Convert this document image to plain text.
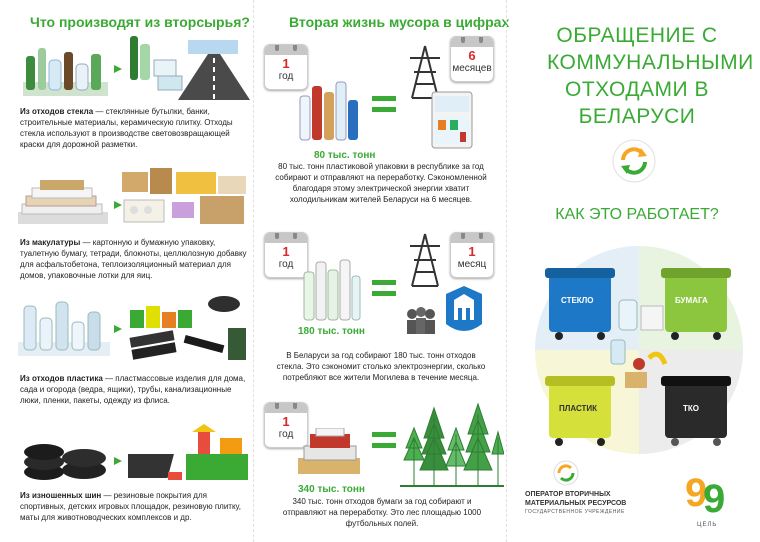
Что производят из вторсырья?
Из отходов стекла — стеклянные бутылки, банки, строительные материалы, керамическую плитку. Отходы стекла используют в производстве световозвращающей краски для дорожной разметки.
Из макулатуры — картонную и бумажную упаковку, туалетную бумагу, тетради, блокноты, целлюлозную добавку для асфальтобетона, теплоизоляционный материал для домов, упаковочные лотки для яиц.
Из отходов пластика — пластмассовые изделия для дома, сада и огорода (ведра, ящики), трубы, канализационные люки, пленки, пакеты, одежду из флиса.
Из изношенных шин — резиновые покрытия для спортивных, детских игровых площадок, резиновую плитку, маты для животноводческих комплексов и др.
Вторая жизнь мусора в цифрах
1
год
6
месяцев
80 тыс. тонн
80 тыс. тонн пластиковой упаковки в республике за год собирают и отправляют на переработку. Сэкономленной благодаря этому электрической энергии хватит холодильникам жителей Беларуси на 6 месяцев.
1
год
1
месяц
180 тыс. тонн
В Беларуси за год собирают 180 тыс. тонн отходов стекла. Это сэкономит столько электроэнергии, сколько потребляют все жители Могилева в течение месяца.
1
год
340 тыс. тонн
340 тыс. тонн отходов бумаги за год собирают и отправляют на переработку. Это лес площадью 1000 футбольных полей.
ОБРАЩЕНИЕ С КОММУНАЛЬНЫМИ ОТХОДАМИ В БЕЛАРУСИ
КАК ЭТО РАБОТАЕТ?
СТЕКЛО	БУМАГА
ПЛАСТИК	ТКО
ОПЕРАТОР ВТОРИЧНЫХ
МАТЕРИАЛЬНЫХ РЕСУРСОВ
ГОСУДАРСТВЕННОЕ УЧРЕЖДЕНИЕ	9
9
ЦЕЛЬ
